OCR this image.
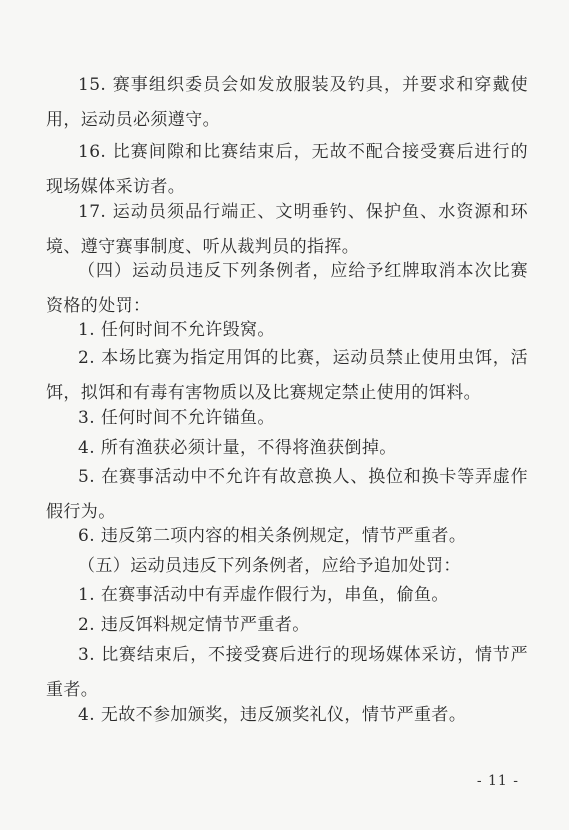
15. 赛事组织委员会如发放服装及钓具，并要求和穿戴使用，运动员必须遵守。

16. 比赛间隙和比赛结束后，无故不配合接受赛后进行的现场媒体采访者。

17. 运动员须品行端正、文明垂钓、保护鱼、水资源和环境、遵守赛事制度、听从裁判员的指挥。

（四）运动员违反下列条例者，应给予红牌取消本次比赛资格的处罚：

1. 任何时间不允许毁窝。

2. 本场比赛为指定用饵的比赛，运动员禁止使用虫饵，活饵，拟饵和有毒有害物质以及比赛规定禁止使用的饵料。

3. 任何时间不允许锚鱼。

4. 所有渔获必须计量，不得将渔获倒掉。

5. 在赛事活动中不允许有故意换人、换位和换卡等弄虚作假行为。

6. 违反第二项内容的相关条例规定，情节严重者。

（五）运动员违反下列条例者，应给予追加处罚：

1. 在赛事活动中有弄虚作假行为，串鱼，偷鱼。

2. 违反饵料规定情节严重者。

3. 比赛结束后，不接受赛后进行的现场媒体采访，情节严重者。

4. 无故不参加颁奖，违反颁奖礼仪，情节严重者。

- 11 -
